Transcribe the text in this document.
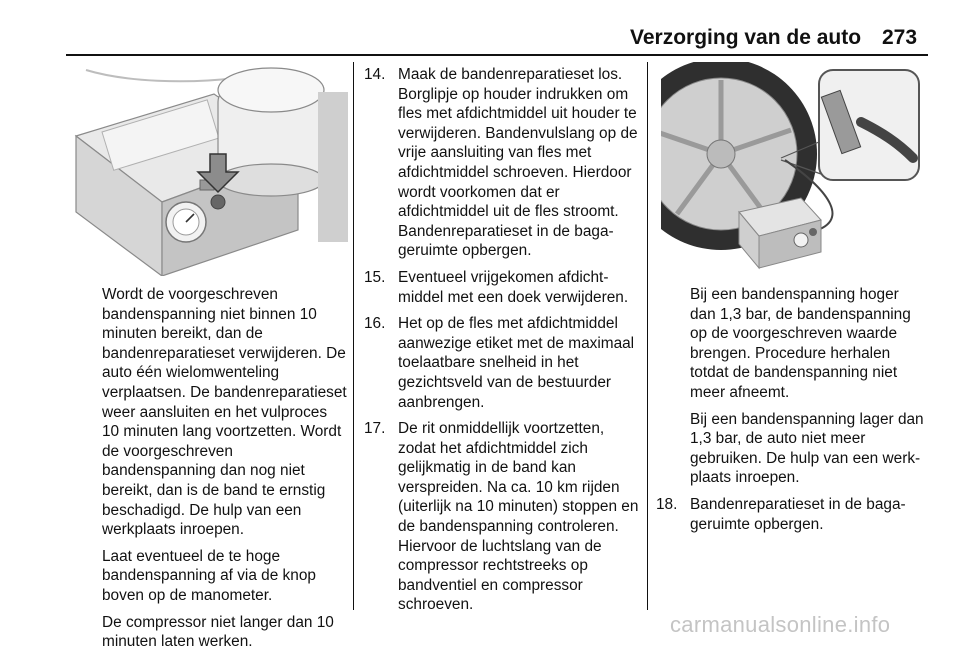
Verzorging van de auto 273

Wordt de voorgeschreven bandenspanning niet binnen 10 minuten bereikt, dan de bandenreparatieset verwijderen. De auto één wielomwenteling verplaatsen. De bandenreparatieset weer aansluiten en het vulproces 10 minuten lang voortzetten. Wordt de voorgeschreven bandenspanning dan nog niet bereikt, dan is de band te ernstig beschadigd. De hulp van een werkplaats inroepen.

Laat eventueel de te hoge bandenspanning af via de knop boven op de manometer.

De compressor niet langer dan 10 minuten laten werken.

14. Maak de bandenreparatieset los. Borglipje op houder indrukken om fles met afdichtmiddel uit houder te verwijderen. Bandenvulslang op de vrije aansluiting van fles met afdichtmiddel schroeven. Hierdoor wordt voorkomen dat er afdichtmiddel uit de fles stroomt. Bandenreparatieset in de bagageruimte opbergen.
15. Eventueel vrijgekomen afdichtmiddel met een doek verwijderen.
16. Het op de fles met afdichtmiddel aanwezige etiket met de maximaal toelaatbare snelheid in het gezichtsveld van de bestuurder aanbrengen.
17. De rit onmiddellijk voortzetten, zodat het afdichtmiddel zich gelijkmatig in de band kan verspreiden. Na ca. 10 km rijden (uiterlijk na 10 minuten) stoppen en de bandenspanning controleren. Hiervoor de luchtslang van de compressor rechtstreeks op bandventiel en compressor schroeven.

Bij een bandenspanning hoger dan 1,3 bar, de bandenspanning op de voorgeschreven waarde brengen. Procedure herhalen totdat de bandenspanning niet meer afneemt.

Bij een bandenspanning lager dan 1,3 bar, de auto niet meer gebruiken. De hulp van een werkplaats inroepen.

18. Bandenreparatieset in de bagageruimte opbergen.
carmanualsonline.info
